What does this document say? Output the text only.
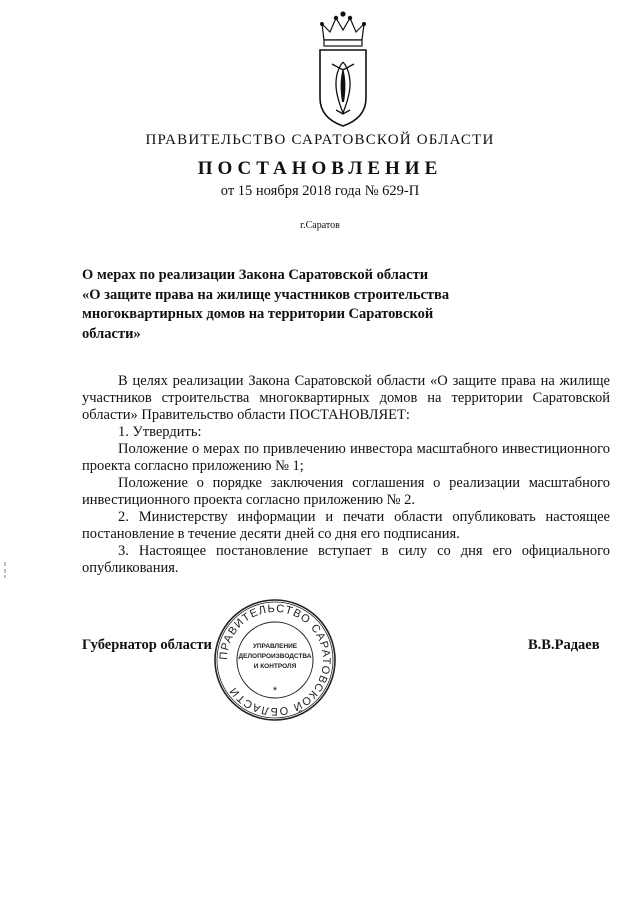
ПРАВИТЕЛЬСТВО САРАТОВСКОЙ ОБЛАСТИ
ПОСТАНОВЛЕНИЕ
от 15 ноября 2018 года № 629-П
г.Саратов
О мерах по реализации Закона Саратовской области
«О защите права на жилище участников строительства
многоквартирных домов на территории Саратовской
области»

В целях реализации Закона Саратовской области «О защите права на жилище участников строительства многоквартирных домов на территории Саратовской области» Правительство области ПОСТАНОВЛЯЕТ:

1. Утвердить:

Положение о мерах по привлечению инвестора масштабного инвестиционного проекта согласно приложению № 1;

Положение о порядке заключения соглашения о реализации масштабного инвестиционного проекта согласно приложению № 2.

2. Министерству информации и печати области опубликовать настоящее постановление в течение десяти дней со дня его подписания.

3. Настоящее постановление вступает в силу со дня его официального опубликования.

Губернатор области	В.В.Радаев
ПРАВИТЕЛЬСТВО САРАТОВСКОЙ ОБЛАСТИ
УПРАВЛЕНИЕ
ДЕЛОПРОИЗВОДСТВА
И КОНТРОЛЯ
*
